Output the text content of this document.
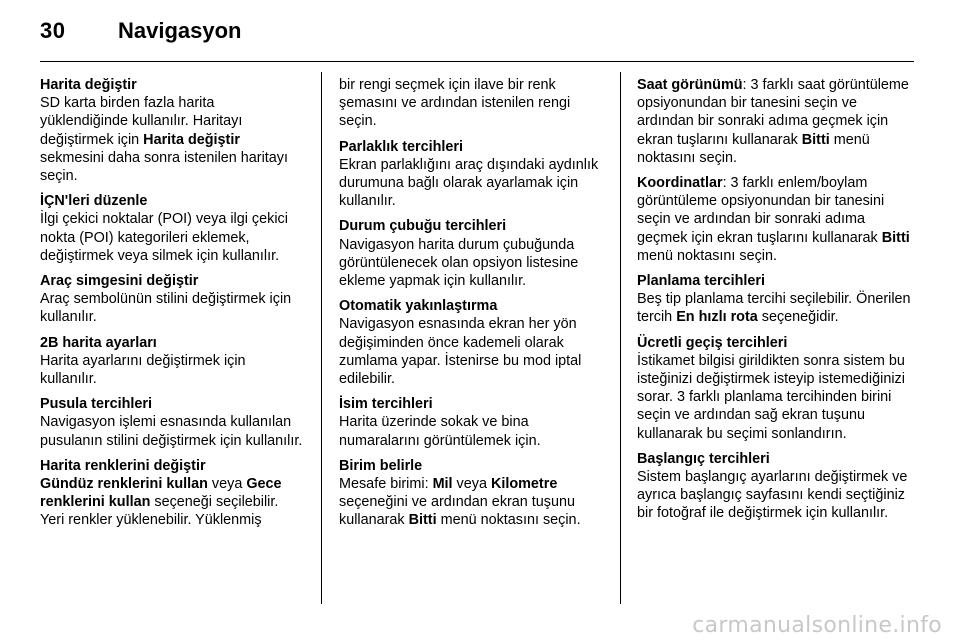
30 Navigasyon
Harita değiştir
SD karta birden fazla harita yüklendiğinde kullanılır. Haritayı değiştirmek için Harita değiştir sekmesini daha sonra istenilen haritayı seçin.
İÇN'leri düzenle
İlgi çekici noktalar (POI) veya ilgi çekici nokta (POI) kategorileri eklemek, değiştirmek veya silmek için kullanılır.
Araç simgesini değiştir
Araç sembolünün stilini değiştirmek için kullanılır.
2B harita ayarları
Harita ayarlarını değiştirmek için kullanılır.
Pusula tercihleri
Navigasyon işlemi esnasında kullanılan pusulanın stilini değiştirmek için kullanılır.
Harita renklerini değiştir
Gündüz renklerini kullan veya Gece renklerini kullan seçeneği seçilebilir. Yeri renkler yüklenebilir. Yüklenmiş
bir rengi seçmek için ilave bir renk şemasını ve ardından istenilen rengi seçin.
Parlaklık tercihleri
Ekran parlaklığını araç dışındaki aydınlık durumuna bağlı olarak ayarlamak için kullanılır.
Durum çubuğu tercihleri
Navigasyon harita durum çubuğunda görüntülenecek olan opsiyon listesine ekleme yapmak için kullanılır.
Otomatik yakınlaştırma
Navigasyon esnasında ekran her yön değişiminden önce kademeli olarak zumlama yapar. İstenirse bu mod iptal edilebilir.
İsim tercihleri
Harita üzerinde sokak ve bina numaralarını görüntülemek için.
Birim belirle
Mesafe birimi: Mil veya Kilometre seçeneğini ve ardından ekran tuşunu kullanarak Bitti menü noktasını seçin.
Saat görünümü: 3 farklı saat görüntüleme opsiyonundan bir tanesini seçin ve ardından bir sonraki adıma geçmek için ekran tuşlarını kullanarak Bitti menü noktasını seçin.
Koordinatlar: 3 farklı enlem/boylam görüntüleme opsiyonundan bir tanesini seçin ve ardından bir sonraki adıma geçmek için ekran tuşlarını kullanarak Bitti menü noktasını seçin.
Planlama tercihleri
Beş tip planlama tercihi seçilebilir. Önerilen tercih En hızlı rota seçeneğidir.
Ücretli geçiş tercihleri
İstikamet bilgisi girildikten sonra sistem bu isteğinizi değiştirmek isteyip istemediğinizi sorar. 3 farklı planlama tercihinden birini seçin ve ardından sağ ekran tuşunu kullanarak bu seçimi sonlandırın.
Başlangıç tercihleri
Sistem başlangıç ayarlarını değiştirmek ve ayrıca başlangıç sayfasını kendi seçtiğiniz bir fotoğraf ile değiştirmek için kullanılır.
carmanualsonline.info
